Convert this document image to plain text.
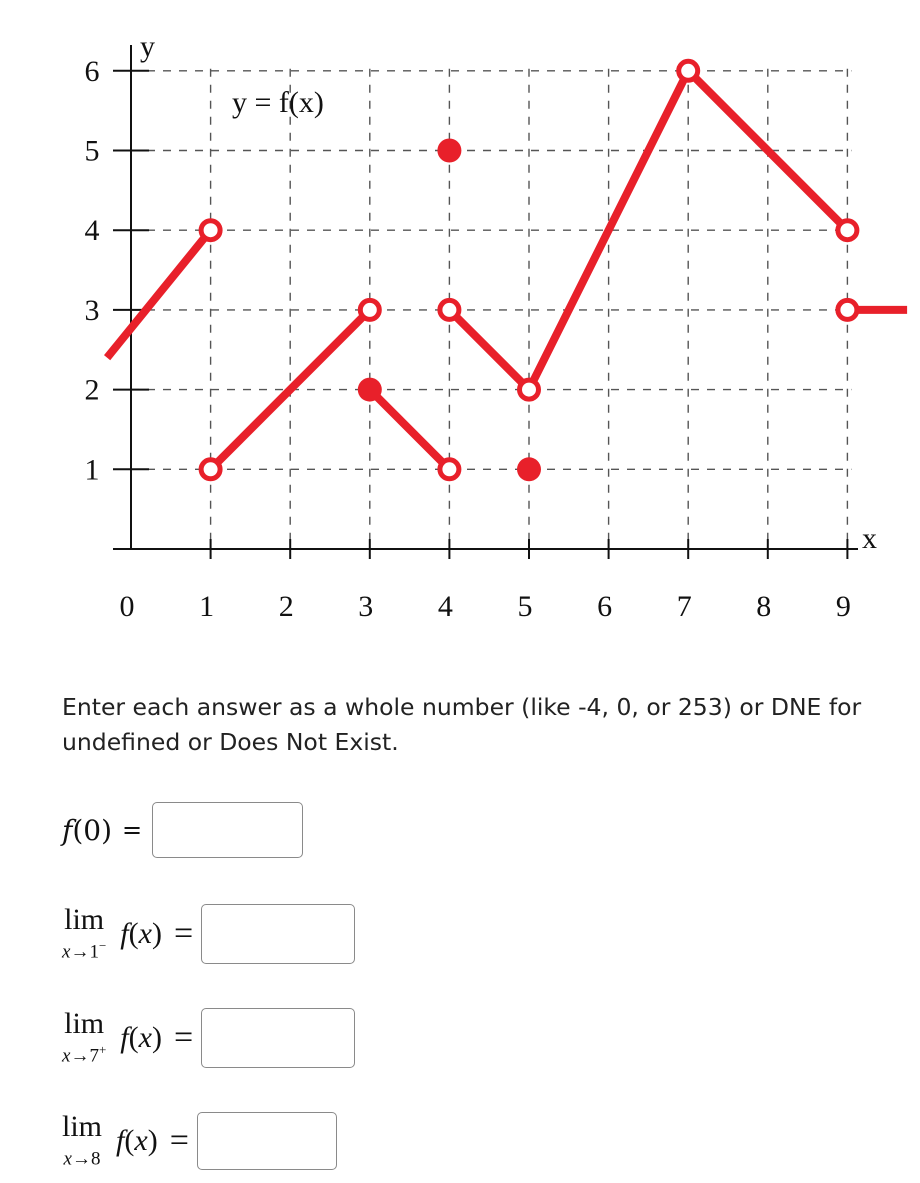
0 1 2 3 4 5 6 7 8 9
1
2
3
4
5
6
y
x
y = f(x)
Enter each answer as a whole number (like -4, 0, or 253) or DNE for undefined or Does Not Exist.
f(0) =
lim
x→1− f(x) =
lim
x→7+ f(x) =
lim
x→8
f(x) =
